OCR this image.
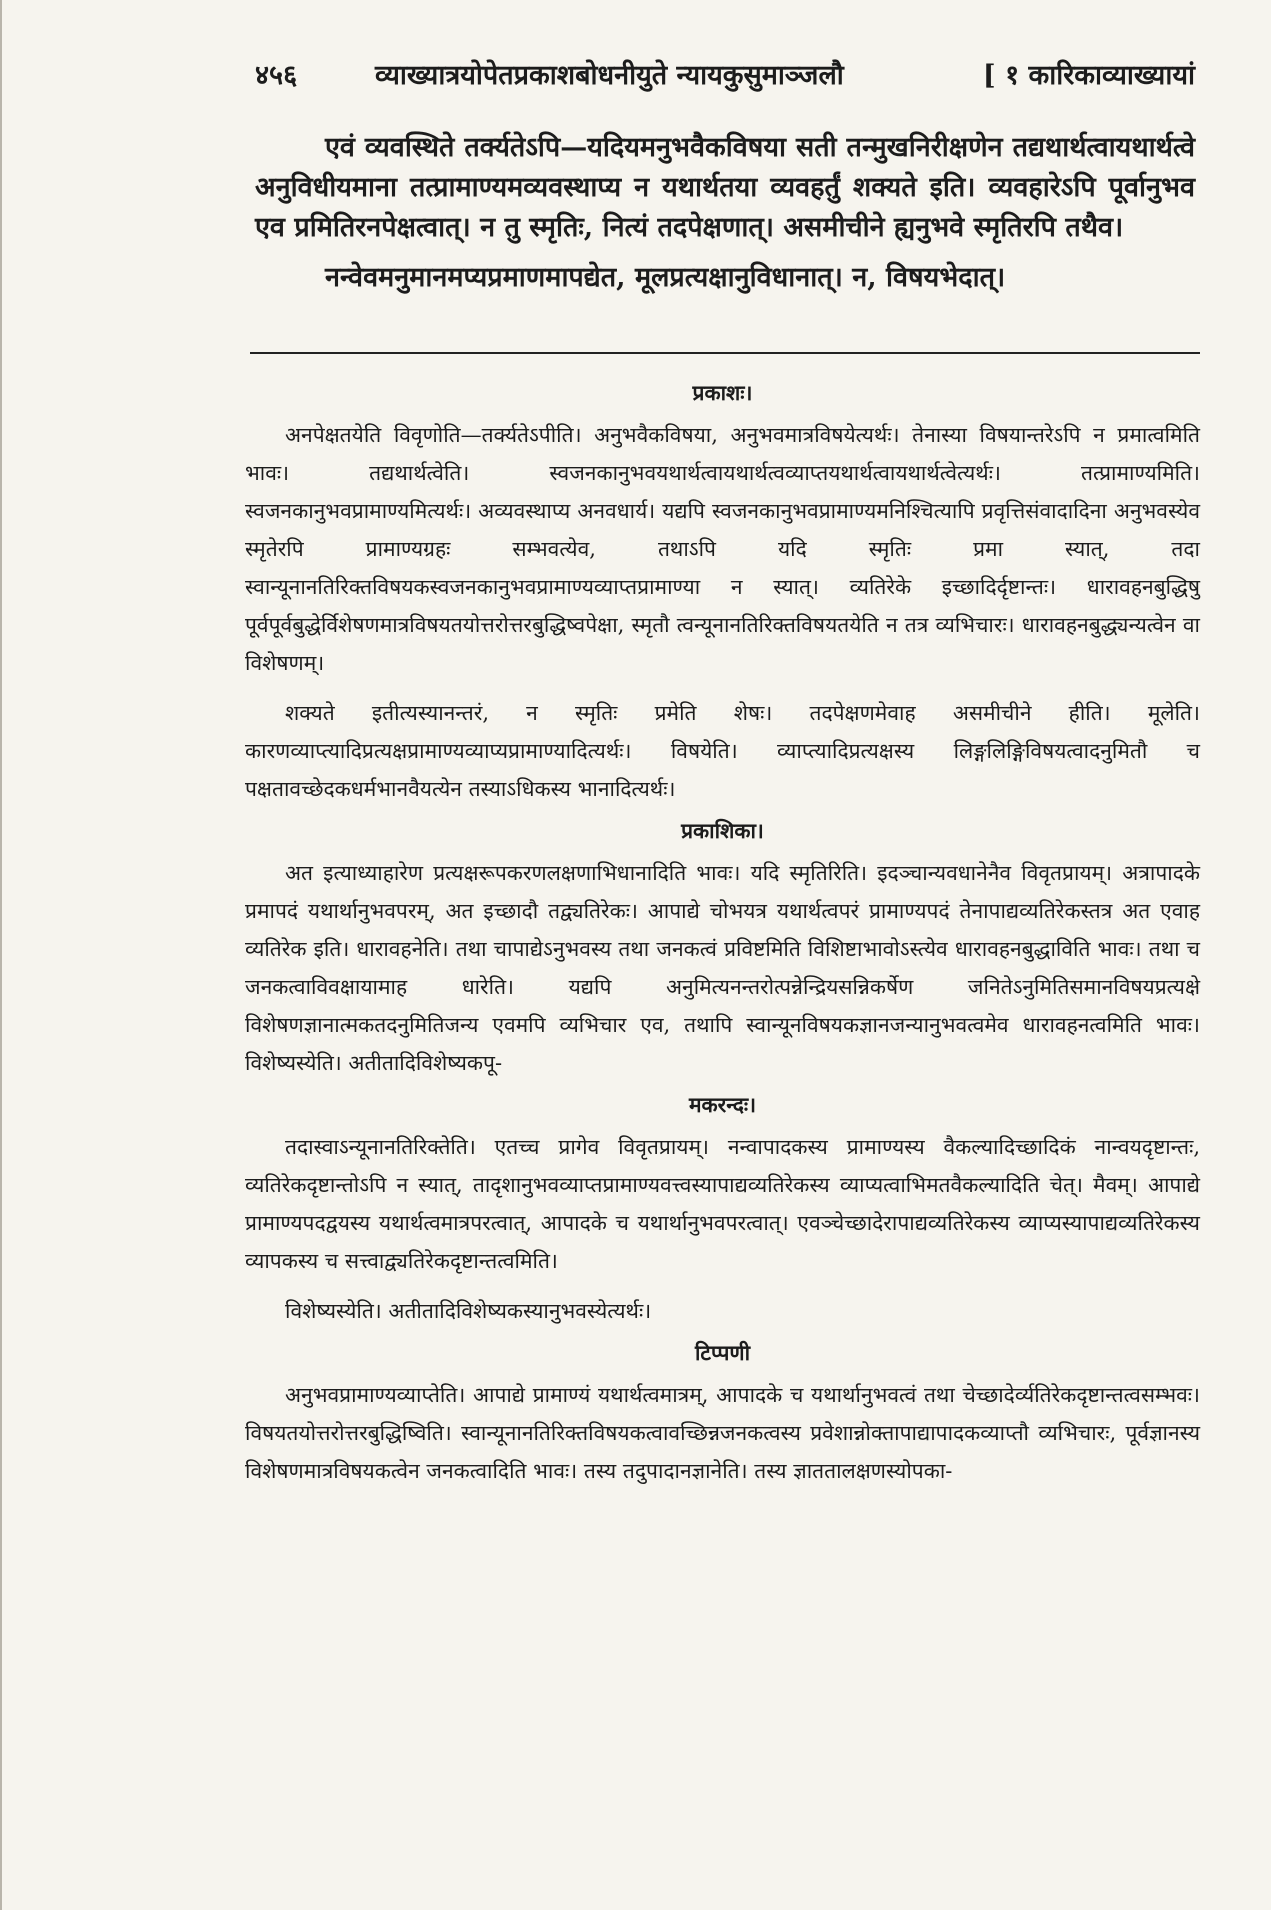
४५६	व्याख्यात्रयोपेतप्रकाशबोधनीयुते न्यायकुसुमाञ्जलौ	[ १ कारिकाव्याख्यायां

एवं व्यवस्थिते तर्क्यतेऽपि—यदियमनुभवैकविषया सती तन्मुखनिरीक्षणेन तद्यथार्थत्वायथार्थत्वे अनुविधीयमाना तत्प्रामाण्यमव्यवस्थाप्य न यथार्थतया व्यवहर्तुं शक्यते इति। व्यवहारेऽपि पूर्वानुभव एव प्रमितिरनपेक्षत्वात्। न तु स्मृतिः, नित्यं तदपेक्षणात्। असमीचीने ह्यनुभवे स्मृतिरपि तथैव।

नन्वेवमनुमानमप्यप्रमाणमापद्येत, मूलप्रत्यक्षानुविधानात्। न, विषयभेदात्।

प्रकाशः।

अनपेक्षतयेति विवृणोति—तर्क्यतेऽपीति। अनुभवैकविषया, अनुभवमात्रविषयेत्यर्थः। तेनास्या विषयान्तरेऽपि न प्रमात्वमिति भावः। तद्यथार्थत्वेति। स्वजनकानुभवयथार्थत्वायथार्थत्वव्याप्तयथार्थत्वायथार्थत्वेत्यर्थः। तत्प्रामाण्यमिति। स्वजनकानुभवप्रामाण्यमित्यर्थः। अव्यवस्थाप्य अनवधार्य। यद्यपि स्वजनकानुभवप्रामाण्यमनिश्चित्यापि प्रवृत्तिसंवादादिना अनुभवस्येव स्मृतेरपि प्रामाण्यग्रहः सम्भवत्येव, तथाऽपि यदि स्मृतिः प्रमा स्यात्, तदा स्वान्यूनानतिरिक्तविषयकस्वजनकानुभवप्रामाण्यव्याप्तप्रामाण्या न स्यात्। व्यतिरेके इच्छादिर्दृष्टान्तः। धारावहनबुद्धिषु पूर्वपूर्वबुद्धेर्विशेषणमात्रविषयतयोत्तरोत्तरबुद्धिष्वपेक्षा, स्मृतौ त्वन्यूनानतिरिक्तविषयतयेति न तत्र व्यभिचारः। धारावहनबुद्ध्यन्यत्वेन वा विशेषणम्।

शक्यते इतीत्यस्यानन्तरं, न स्मृतिः प्रमेति शेषः। तदपेक्षणमेवाह असमीचीने हीति। मूलेति। कारणव्याप्त्यादिप्रत्यक्षप्रामाण्यव्याप्यप्रामाण्यादित्यर्थः। विषयेति। व्याप्त्यादिप्रत्यक्षस्य लिङ्गलिङ्गिविषयत्वादनुमितौ च पक्षतावच्छेदकधर्मभानवैयत्येन तस्याऽधिकस्य भानादित्यर्थः।

प्रकाशिका।

अत इत्याध्याहारेण प्रत्यक्षरूपकरणलक्षणाभिधानादिति भावः। यदि स्मृतिरिति। इदञ्चान्यवधानेनैव विवृतप्रायम्। अत्रापादके प्रमापदं यथार्थानुभवपरम्, अत इच्छादौ तद्व्यतिरेकः। आपाद्ये चोभयत्र यथार्थत्वपरं प्रामाण्यपदं तेनापाद्यव्यतिरेकस्तत्र अत एवाह व्यतिरेक इति। धारावहनेति। तथा चापाद्येऽनुभवस्य तथा जनकत्वं प्रविष्टमिति विशिष्टाभावोऽस्त्येव धारावहनबुद्धाविति भावः। तथा च जनकत्वाविवक्षायामाह धारेति। यद्यपि अनुमित्यनन्तरोत्पन्नेन्द्रियसन्निकर्षेण जनितेऽनुमितिसमानविषयप्रत्यक्षे विशेषणज्ञानात्मकतदनुमितिजन्य एवमपि व्यभिचार एव, तथापि स्वान्यूनविषयकज्ञानजन्यानुभवत्वमेव धारावहनत्वमिति भावः। विशेष्यस्येति। अतीतादिविशेष्यकपू-

मकरन्दः।

तदास्वाऽन्यूनानतिरिक्तेति। एतच्च प्रागेव विवृतप्रायम्। नन्वापादकस्य प्रामाण्यस्य वैकल्यादिच्छादिकं नान्वयदृष्टान्तः, व्यतिरेकदृष्टान्तोऽपि न स्यात्, तादृशानुभवव्याप्तप्रामाण्यवत्त्वस्यापाद्यव्यतिरेकस्य व्याप्यत्वाभिमतवैकल्यादिति चेत्। मैवम्। आपाद्ये प्रामाण्यपदद्वयस्य यथार्थत्वमात्रपरत्वात्, आपादके च यथार्थानुभवपरत्वात्। एवञ्चेच्छादेरापाद्यव्यतिरेकस्य व्याप्यस्यापाद्यव्यतिरेकस्य व्यापकस्य च सत्त्वाद्व्यतिरेकदृष्टान्तत्वमिति।

विशेष्यस्येति। अतीतादिविशेष्यकस्यानुभवस्येत्यर्थः।

टिप्पणी

अनुभवप्रामाण्यव्याप्तेति। आपाद्ये प्रामाण्यं यथार्थत्वमात्रम्, आपादके च यथार्थानुभवत्वं तथा चेच्छादेर्व्यतिरेकदृष्टान्तत्वसम्भवः। विषयतयोत्तरोत्तरबुद्धिष्विति। स्वान्यूनानतिरिक्तविषयकत्वावच्छिन्नजनकत्वस्य प्रवेशान्नोक्तापाद्यापादकव्याप्तौ व्यभिचारः, पूर्वज्ञानस्य विशेषणमात्रविषयकत्वेन जनकत्वादिति भावः। तस्य तदुपादानज्ञानेति। तस्य ज्ञाततालक्षणस्योपका-
